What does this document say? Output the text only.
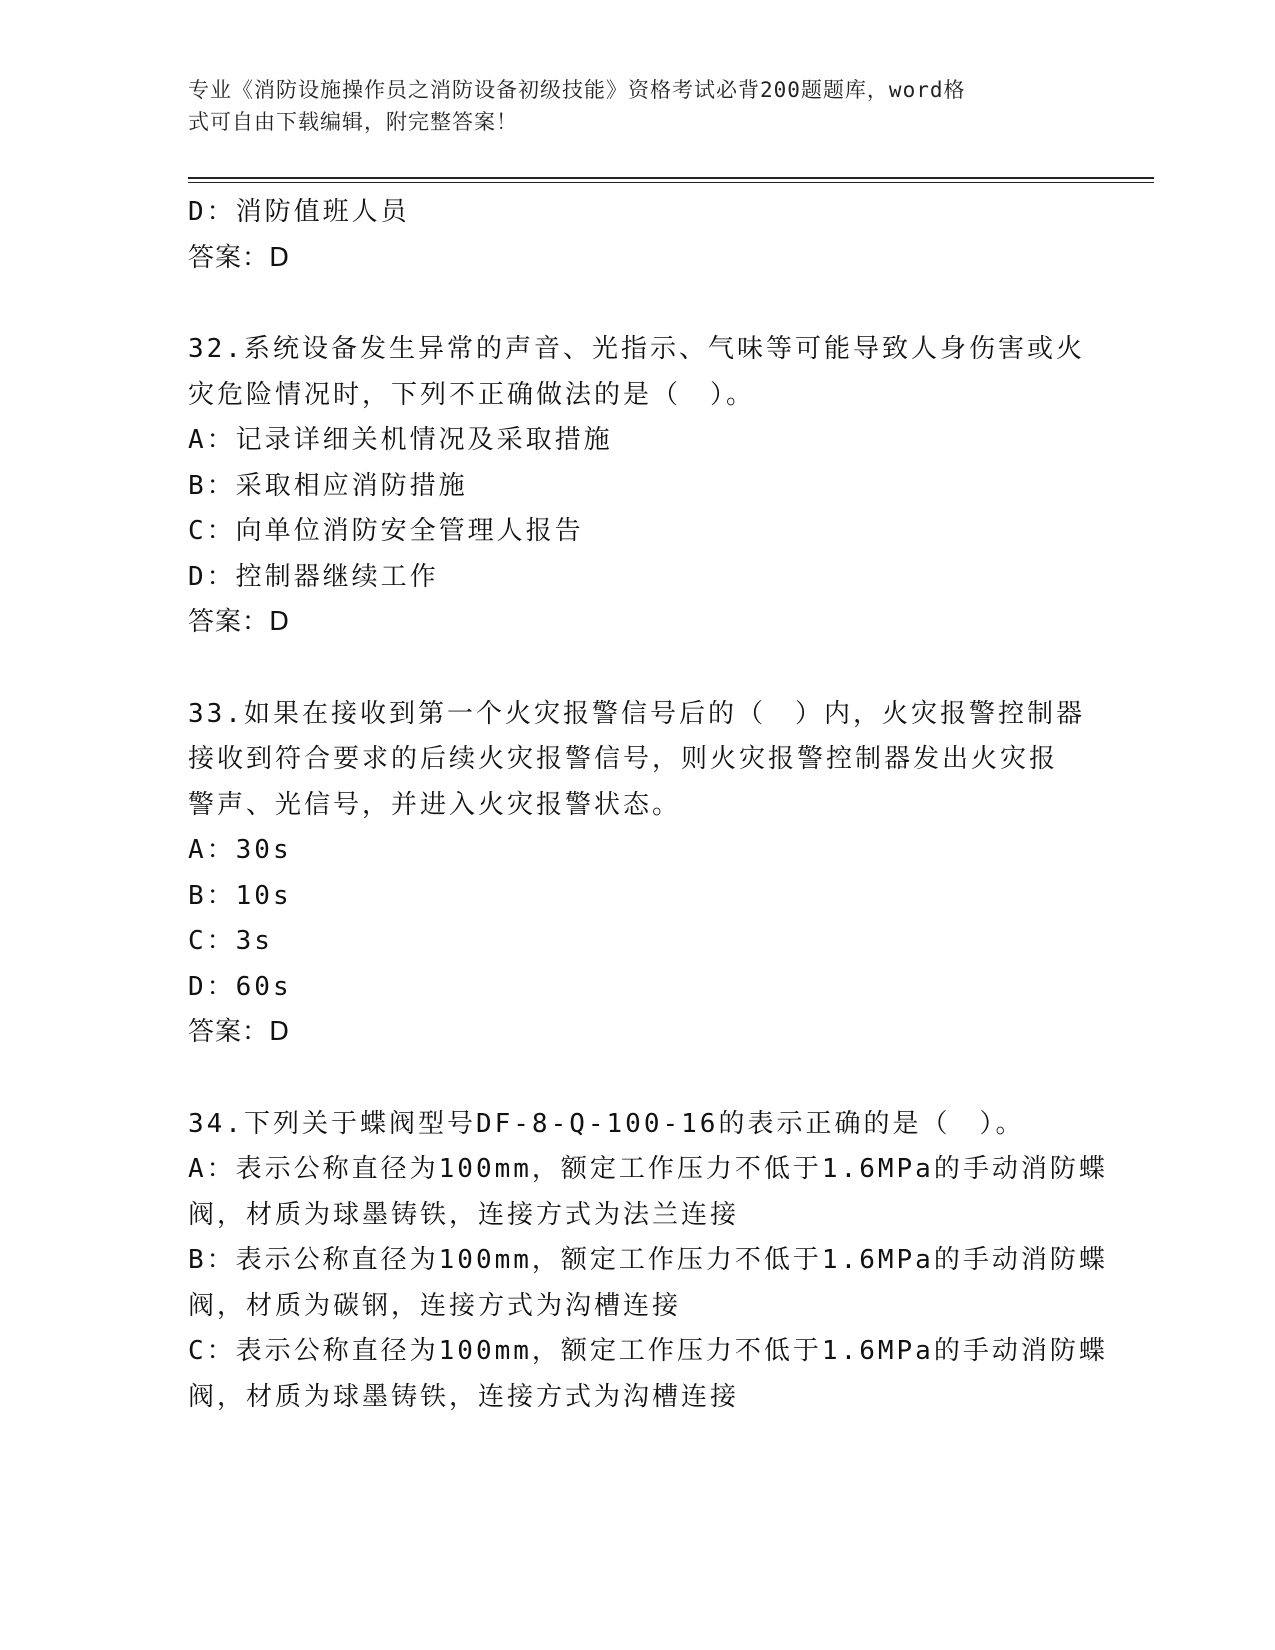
专业《消防设施操作员之消防设备初级技能》资格考试必背200题题库，word格
式可自由下载编辑，附完整答案！
D：消防值班人员
答案：D
32.系统设备发生异常的声音、光指示、气味等可能导致人身伤害或火
灾危险情况时，下列不正确做法的是（　）。
A：记录详细关机情况及采取措施
B：采取相应消防措施
C：向单位消防安全管理人报告
D：控制器继续工作
答案：D
33.如果在接收到第一个火灾报警信号后的（　）内，火灾报警控制器
接收到符合要求的后续火灾报警信号，则火灾报警控制器发出火灾报
警声、光信号，并进入火灾报警状态。
A：30s
B：10s
C：3s
D：60s
答案：D
34.下列关于蝶阀型号DF-8-Q-100-16的表示正确的是（　）。
A：表示公称直径为100mm，额定工作压力不低于1.6MPa的手动消防蝶
阀，材质为球墨铸铁，连接方式为法兰连接
B：表示公称直径为100mm，额定工作压力不低于1.6MPa的手动消防蝶
阀，材质为碳钢，连接方式为沟槽连接
C：表示公称直径为100mm，额定工作压力不低于1.6MPa的手动消防蝶
阀，材质为球墨铸铁，连接方式为沟槽连接
